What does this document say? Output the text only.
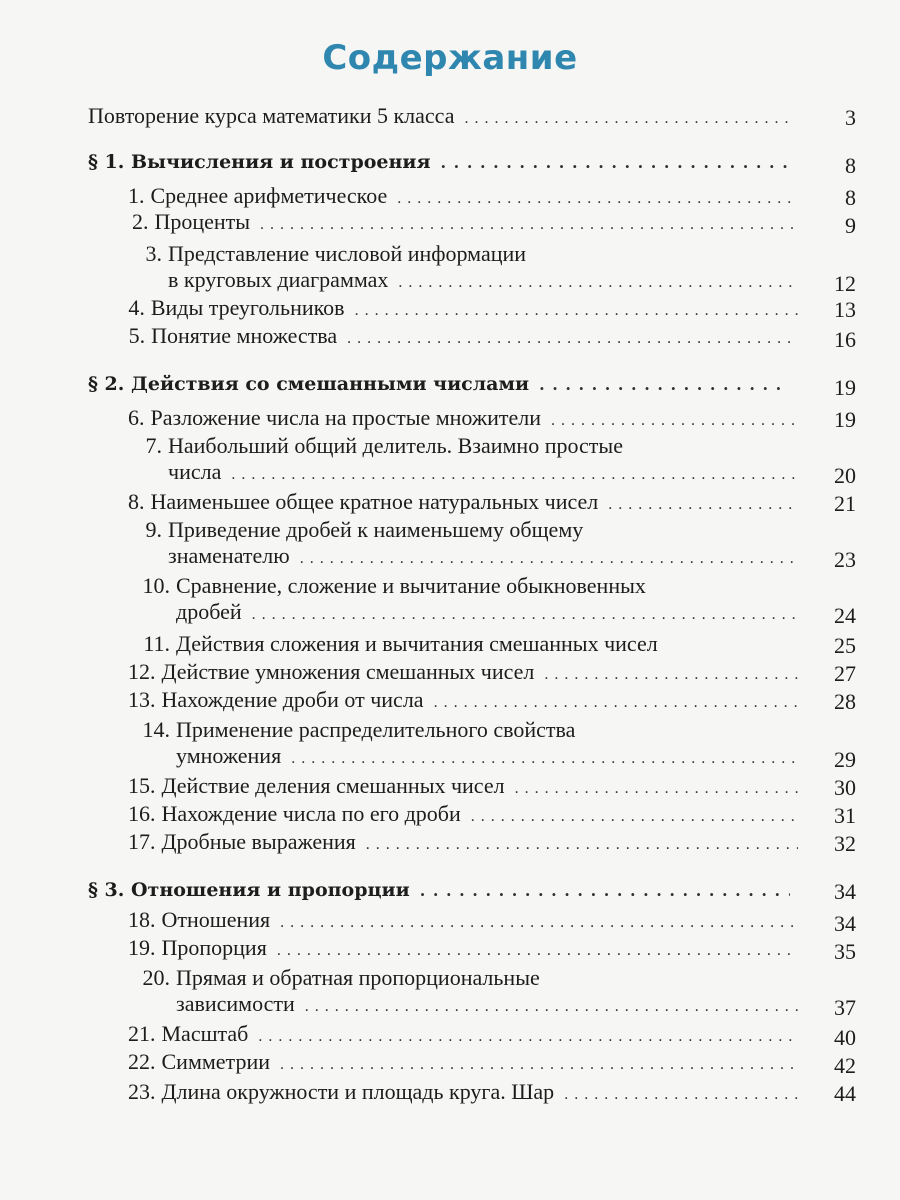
Содержание
Повторение курса математики 5 класса . . .	3
§ 1. Вычисления и построения . . .	8
1. Среднее арифметическое . . .	8
2. Проценты . . .	9
3. Представление числовой информации
в круговых диаграммах . . .	12
4. Виды треугольников . . .	13
5. Понятие множества . . .	16
§ 2. Действия со смешанными числами . . .	19
6. Разложение числа на простые множители . . .	19
7. Наибольший общий делитель. Взаимно простые
числа . . .	20
8. Наименьшее общее кратное натуральных чисел . . .	21
9. Приведение дробей к наименьшему общему
знаменателю . . .	23
10. Сравнение, сложение и вычитание обыкновенных
дробей . . .	24
11. Действия сложения и вычитания смешанных чисел	25
12. Действие умножения смешанных чисел . . .	27
13. Нахождение дроби от числа . . .	28
14. Применение распределительного свойства
умножения . . .	29
15. Действие деления смешанных чисел . . .	30
16. Нахождение числа по его дроби . . .	31
17. Дробные выражения . . .	32
§ 3. Отношения и пропорции . . .	34
18. Отношения . . .	34
19. Пропорция . . .	35
20. Прямая и обратная пропорциональные
зависимости . . .	37
21. Масштаб . . .	40
22. Симметрии . . .	42
23. Длина окружности и площадь круга. Шар . . .	44
